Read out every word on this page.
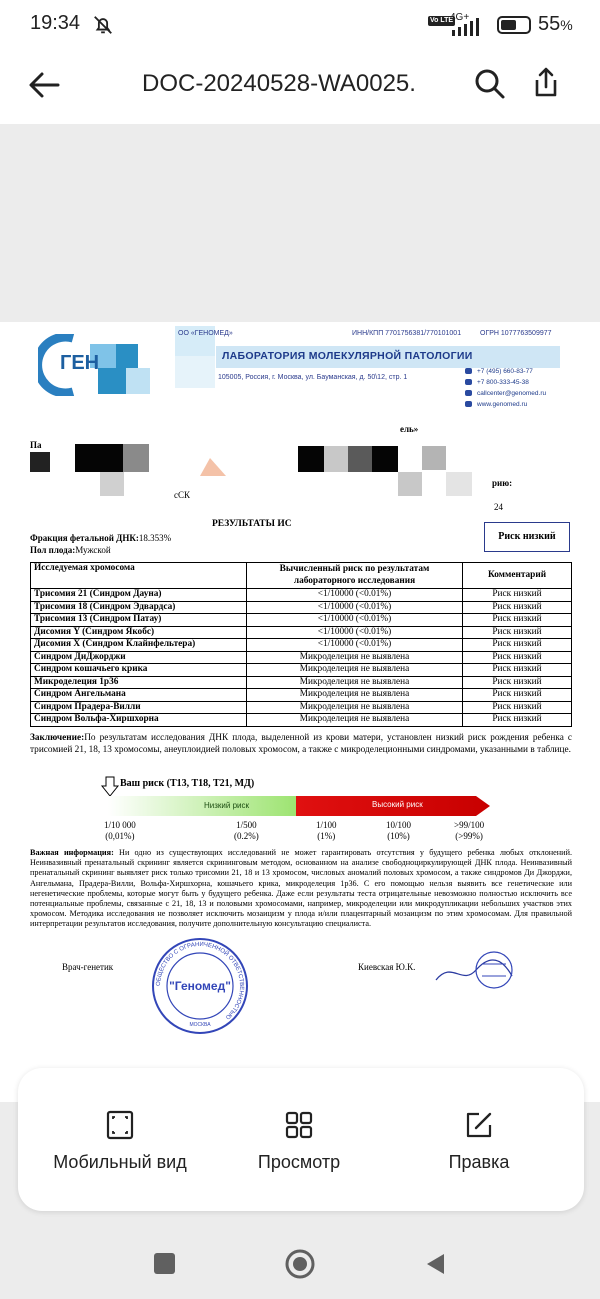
19:34	Vo LTE
4G+	55%
DOC-20240528-WA0025.
ГЕН
ОО «ГЕНОМЕД»	ИНН/КПП 7701756381/770101001	ОГРН 1077763509977
ЛАБОРАТОРИЯ МОЛЕКУЛЯРНОЙ ПАТОЛОГИИ
105005, Россия, г. Москва, ул. Бауманская, д. 50\12, стр. 1
+7 (495) 660-83-77
+7 800-333-45-38
callcenter@genomed.ru
www.genomed.ru
Па
ель»
сСК
рию:
24
РЕЗУЛЬТАТЫ ИС
Фракция фетальной ДНК:18.353%
Пол плода:Мужской
Риск низкий
Исследуемая хромосома	Вычисленный риск по результатам лабораторного исследования	Комментарий
Трисомия 21 (Синдром Дауна)	<1/10000 (<0.01%)	Риск низкий
Трисомия 18 (Синдром Эдвардса)	<1/10000 (<0.01%)	Риск низкий
Трисомия 13 (Синдром Патау)	<1/10000 (<0.01%)	Риск низкий
Дисомия Y (Синдром Якобс)	<1/10000 (<0.01%)	Риск низкий
Дисомия X (Синдром Клайнфельтера)	<1/10000 (<0.01%)	Риск низкий
Синдром ДиДжорджи	Микроделеция не выявлена	Риск низкий
Синдром кошачьего крика	Микроделеция не выявлена	Риск низкий
Микроделеция 1p36	Микроделеция не выявлена	Риск низкий
Синдром Ангельмана	Микроделеция не выявлена	Риск низкий
Синдром Прадера-Вилли	Микроделеция не выявлена	Риск низкий
Синдром Вольфа-Хиршхорна	Микроделеция не выявлена	Риск низкий
Заключение:По результатам исследования ДНК плода, выделенной из крови матери, установлен низкий риск рождения ребенка с трисомией 21, 18, 13 хромосомы, анеуплоидией половых хромосом, а также с микроделеционными синдромами, указанными в таблице.
Ваш риск (T13, T18, T21, МД)
Низкий риск	Высокий риск
1/10 000
(0,01%)
1/500
(0.2%)
1/100
(1%)
10/100
(10%)
>99/100
(>99%)
Важная информация: Ни одно из существующих исследований не может гарантировать отсутствия у будущего ребенка любых отклонений. Неинвазивный пренатальный скрининг является скрининговым методом, основанном на анализе свободноциркулирующей ДНК плода. Неинвазивный пренатальный скрининг выявляет риск только трисомии 21, 18 и 13 хромосом, числовых аномалий половых хромосом, а также синдромов Ди Джорджи, Ангельмана, Прадера-Вилли, Вольфа-Хиршхорна, кошачьего крика, микроделеция 1p36. С его помощью нельзя выявить все генетические или негенетические проблемы, которые могут быть у будущего ребенка. Даже если результаты теста отрицательные невозможно полностью исключить все потенциальные проблемы, связанные с 21, 18, 13 и половыми хромосомами, например, микроделеции или микродупликации небольших участков этих хромосом. Методика исследования не позволяет исключить мозаицизм у плода и/или плацентарный мозаицизм по этим хромосомам. Для правильной интерпретации результатов исследования, получите дополнительную консультацию специалиста.
Врач-генетик	Киевская Ю.К.
ОБЩЕСТВО С ОГРАНИЧЕННОЙ ОТВЕТСТВЕННОСТЬЮ
"Геномед"
МОСКВА
Мобильный вид	Просмотр	Правка
